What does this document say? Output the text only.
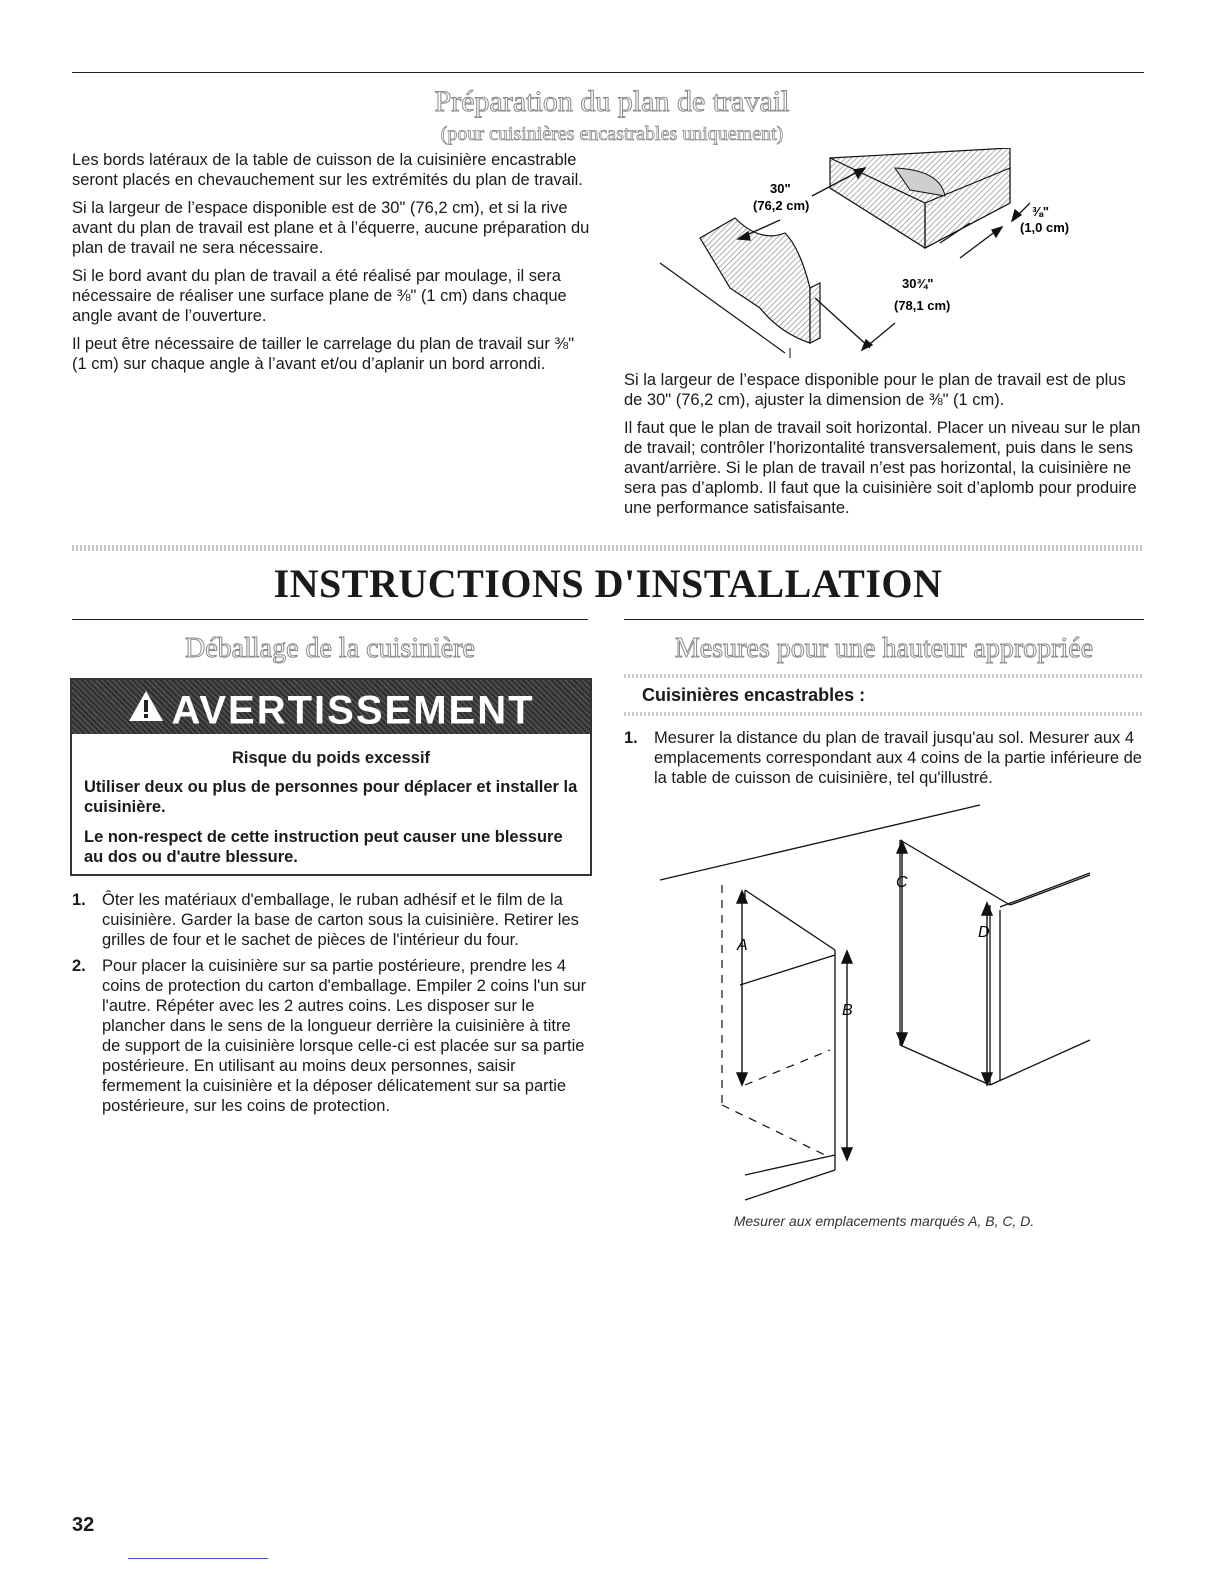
Préparation du plan de travail
(pour cuisinières encastrables uniquement)

Les bords latéraux de la table de cuisson de la cuisinière encastrable seront placés en chevauchement sur les extrémités du plan de travail.

Si la largeur de l’espace disponible est de 30" (76,2 cm), et si la rive avant du plan de travail est plane et à l’équerre, aucune préparation du plan de travail ne sera nécessaire.

Si le bord avant du plan de travail a été réalisé par moulage, il sera nécessaire de réaliser une surface plane de ⅜" (1 cm) dans chaque angle avant de l’ouverture.

Il peut être nécessaire de tailler le carrelage du plan de travail sur ⅜" (1 cm) sur chaque angle à l’avant et/ou d’aplanir un bord arrondi.

30"
(76,2 cm)	⅜"
(1,0 cm)
30¾"
(78,1 cm)

Si la largeur de l’espace disponible pour le plan de travail est de plus de 30" (76,2 cm), ajuster la dimension de ⅜" (1 cm).

Il faut que le plan de travail soit horizontal. Placer un niveau sur le plan de travail; contrôler l’horizontalité transversalement, puis dans le sens avant/arrière. Si le plan de travail n’est pas horizontal, la cuisinière ne sera pas d’aplomb. Il faut que la cuisinière soit d’aplomb pour produire une performance satisfaisante.

INSTRUCTIONS D'INSTALLATION
Déballage de la cuisinière
AVERTISSEMENT
Risque du poids excessif
Utiliser deux ou plus de personnes pour déplacer et installer la cuisinière.
Le non-respect de cette instruction peut causer une blessure au dos ou d'autre blessure.
1. Ôter les matériaux d'emballage, le ruban adhésif et le film de la cuisinière. Garder la base de carton sous la cuisinière. Retirer les grilles de four et le sachet de pièces de l'intérieur du four.
2. Pour placer la cuisinière sur sa partie postérieure, prendre les 4 coins de protection du carton d'emballage. Empiler 2 coins l'un sur l'autre. Répéter avec les 2 autres coins. Les disposer sur le plancher dans le sens de la longueur derrière la cuisinière à titre de support de la cuisinière lorsque celle-ci est placée sur sa partie postérieure. En utilisant au moins deux personnes, saisir fermement la cuisinière et la déposer délicatement sur sa partie postérieure, sur les coins de protection.
Mesures pour une hauteur appropriée
Cuisinières encastrables :
1. Mesurer la distance du plan de travail jusqu'au sol. Mesurer aux 4 emplacements correspondant aux 4 coins de la partie inférieure de la table de cuisson de cuisinière, tel qu'illustré.
A
B
C
D
Mesurer aux emplacements marqués A, B, C, D.
32
